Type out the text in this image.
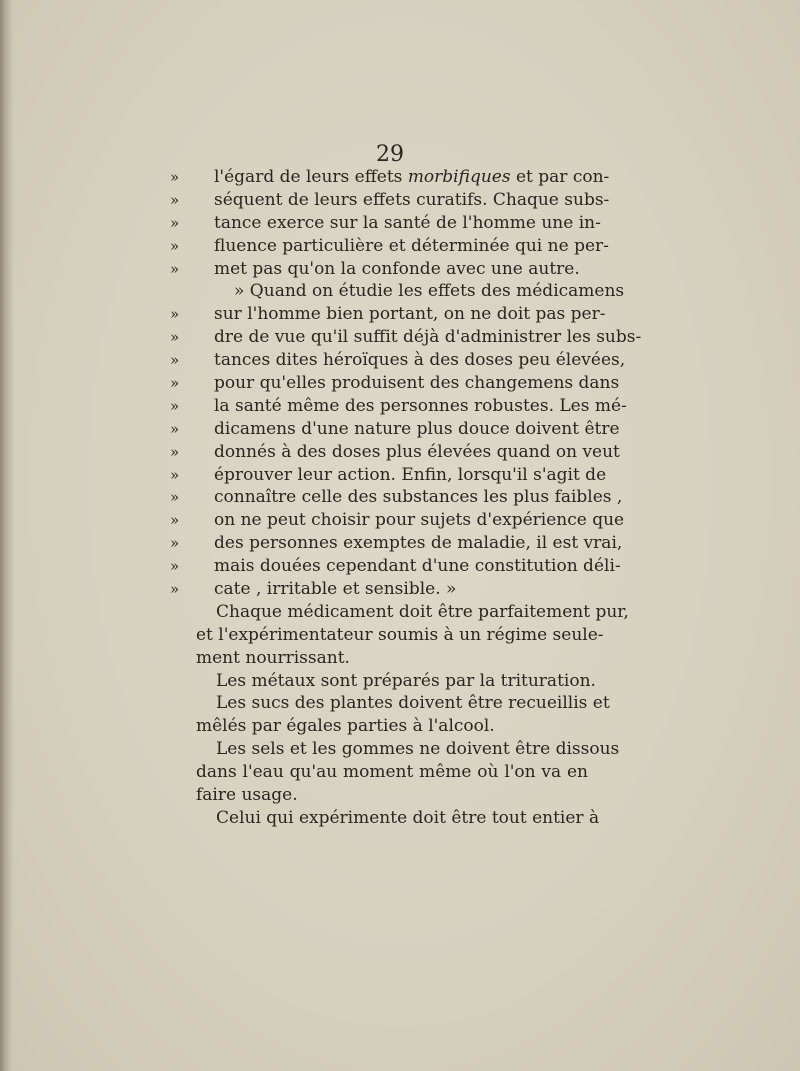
29
»	l'égard de leurs effets morbifiques et par con-
»	séquent de leurs effets curatifs. Chaque subs-
»	tance exerce sur la santé de l'homme une in-
»	fluence particulière et déterminée qui ne per-
»	met pas qu'on la confonde avec une autre.
» Quand on étudie les effets des médicamens
»	sur l'homme bien portant, on ne doit pas per-
»	dre de vue qu'il suffit déjà d'administrer les subs-
»	tances dites héroïques à des doses peu élevées,
»	pour qu'elles produisent des changemens dans
»	la santé même des personnes robustes. Les mé-
»	dicamens d'une nature plus douce doivent être
»	donnés à des doses plus élevées quand on veut
»	éprouver leur action. Enfin, lorsqu'il s'agit de
»	connaître celle des substances les plus faibles ,
»	on ne peut choisir pour sujets d'expérience que
»	des personnes exemptes de maladie, il est vrai,
»	mais douées cependant d'une constitution déli-
»	cate , irritable et sensible. »
Chaque médicament doit être parfaitement pur,
et l'expérimentateur soumis à un régime seule-
ment nourrissant.
Les métaux sont préparés par la trituration.
Les sucs des plantes doivent être recueillis et
mêlés par égales parties à l'alcool.
Les sels et les gommes ne doivent être dissous
dans l'eau qu'au moment même où l'on va en
faire usage.
Celui qui expérimente doit être tout entier à
